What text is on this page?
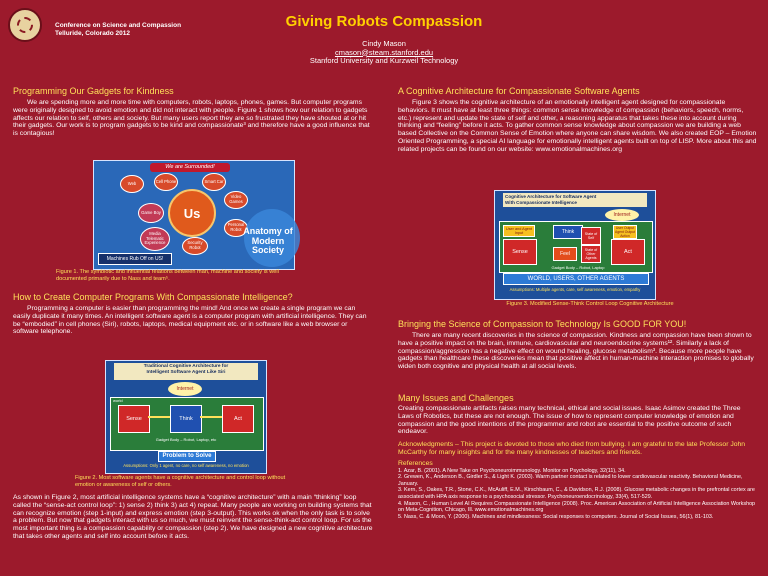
Conference on Science and Compassion
Telluride, Colorado 2012
Giving Robots Compassion
Cindy Mason
cmason@steam.stanford.edu
Stanford University and Kurzweil Technology
Programming Our Gadgets for Kindness
We are spending more and more time with computers, robots, laptops, phones, games. But computer programs were originally designed to avoid emotion and did not interact with people. Figure 1 shows how our relation to gadgets affects our relation to self, others and society. But many users report they are so frustrated they have shouted at or hit their gadgets. Our work is to program gadgets to be kind and compassionate³ and therefore have a good influence that is contagious!
We are Surrounded!
Us
Web	Cell Phone	Smart Car
Video Games
Personal Robot
Game Boy
Media Telematic Experience	Security Robot
Machines Rub Off on US!
Anatomy of
Modern
Society
Figure 1. The symbiotic and influential relations between man, machine and society is well documented primarily due to Nass and team⁵.
How to Create Computer Programs With Compassionate Intelligence?
Programming a computer is easier than programming the mind! And once we create a single program we can easily duplicate it many times. An intelligent software agent is a computer program with artificial intelligence. They can be “embodied” in cell phones (Siri), robots, laptops, medical equipment etc. or in software like a web browser or software telephone.
Traditional Cognitive Architecture for
Intelligent Software Agent Like Siri
Internet
world
Sense	Think	Act
Gadget Body – Robot, Laptop, etc
Problem to Solve
Assumptions: Only 1 agent, no care, no self awareness, no emotion
Figure 2. Most software agents have a cognitive architecture and control loop without emotion or awareness of self or others.
As shown in Figure 2, most artificial intelligence systems have a “cognitive architecture” with a main “thinking” loop called the “sense-act control loop”: 1) sense 2) think 3) act 4) repeat. Many people are working on building systems that can recognize emotion (step 1-input) and express emotion (step 3-output). This works ok when the only task is to solve a problem. But now that gadgets interact with us so much, we must reinvent the sense-think-act control loop. For us the most important thing is a compassion capability or compassion (step 2). We have designed a new cognitive architecture that takes other agents and self into account before it acts.
A Cognitive Architecture for Compassionate Software Agents
Figure 3 shows the cognitive architecture of an emotionally intelligent agent designed for compassionate behaviors. It must have at least three things: common sense knowledge of compassion (behaviors, speech, norms, etc.) represent and update the state of self and other, a reasoning apparatus that takes these into account during thinking and “feeling” before it acts. To gather common sense knowledge about compassion we are building a web based Collective on the Common Sense of Emotion where anyone can share wisdom. We also created EOP – Emotion Oriented Programming, a special AI language for emotionally intelligent agents built on top of LISP. More about this and related projects can be found on our website: www.emotionalmachines.org
Cognitive Architecture for Software Agent
With Compassionate Intelligence
Internet
User and Agent Input
Sense
Think	State of Self
State of Other Agents
Feel
User Output Agent Output Action
Act
Gadget Body – Robot, Laptop
WORLD, USERS, OTHER AGENTS
Assumptions: Multiple agents, care, self awareness, emotion, empathy
Figure 3. Modified Sense-Think Control Loop Cognitive Architecture
Bringing the Science of Compassion to Technology Is GOOD FOR YOU!
There are many recent discoveries in the science of compassion. Kindness and compassion have been shown to have a positive impact on the brain, immune, cardiovascular and neuroendocrine systems¹². Similarly a lack of compassion/aggression has a negative effect on wound healing, glucose metabolism³. Because more people have gadgets than healthcare these discoveries mean that positive affect in human-machine interaction promises to globally widen both cognitive and physical health at all social levels.
Many Issues and Challenges
Creating compassionate artifacts raises many technical, ethical and social issues. Isaac Asimov created the Three Laws of Robotics, but these are not enough. The issue of how to represent computer knowledge of emotion and compassion and the good intentions of the programmer and robot are essential to the positive outcome of such endeavor.
Acknowledgments – This project is devoted to those who died from bullying. I am grateful to the late Professor John McCarthy for many insights and for the many kindnesses of teachers and friends.
References
1. Azar, B. (2001). A New Take on Psychoneuroimmunology. Monitor on Psychology, 32(11), 34.
2. Grewen, K., Anderson B., Girdler S., & Light K. (2003). Warm partner contact is related to lower cardiovascular reactivity. Behavioral Medicine, January.
3. Kern, S., Oakes, T.R., Stone, C.K., McAuliff, E.M., Kirschbaum, C., & Davidson, R.J. (2008). Glucose metabolic changes in the prefrontal cortex are associated with HPA axis response to a psychosocial stressor. Psychoneuroendocrinology, 33(4), 517-529.
4. Mason, C., Human Level AI Requires Compassionate Intelligence (2008). Proc. American Association of Artificial Intelligence Association Workshop on Meta-Cognition, Chicago, Ill. www.emotionalmachines.org
5. Nass, C. & Moon, Y. (2000). Machines and mindlessness: Social responses to computers. Journal of Social Issues, 56(1), 81-103.
